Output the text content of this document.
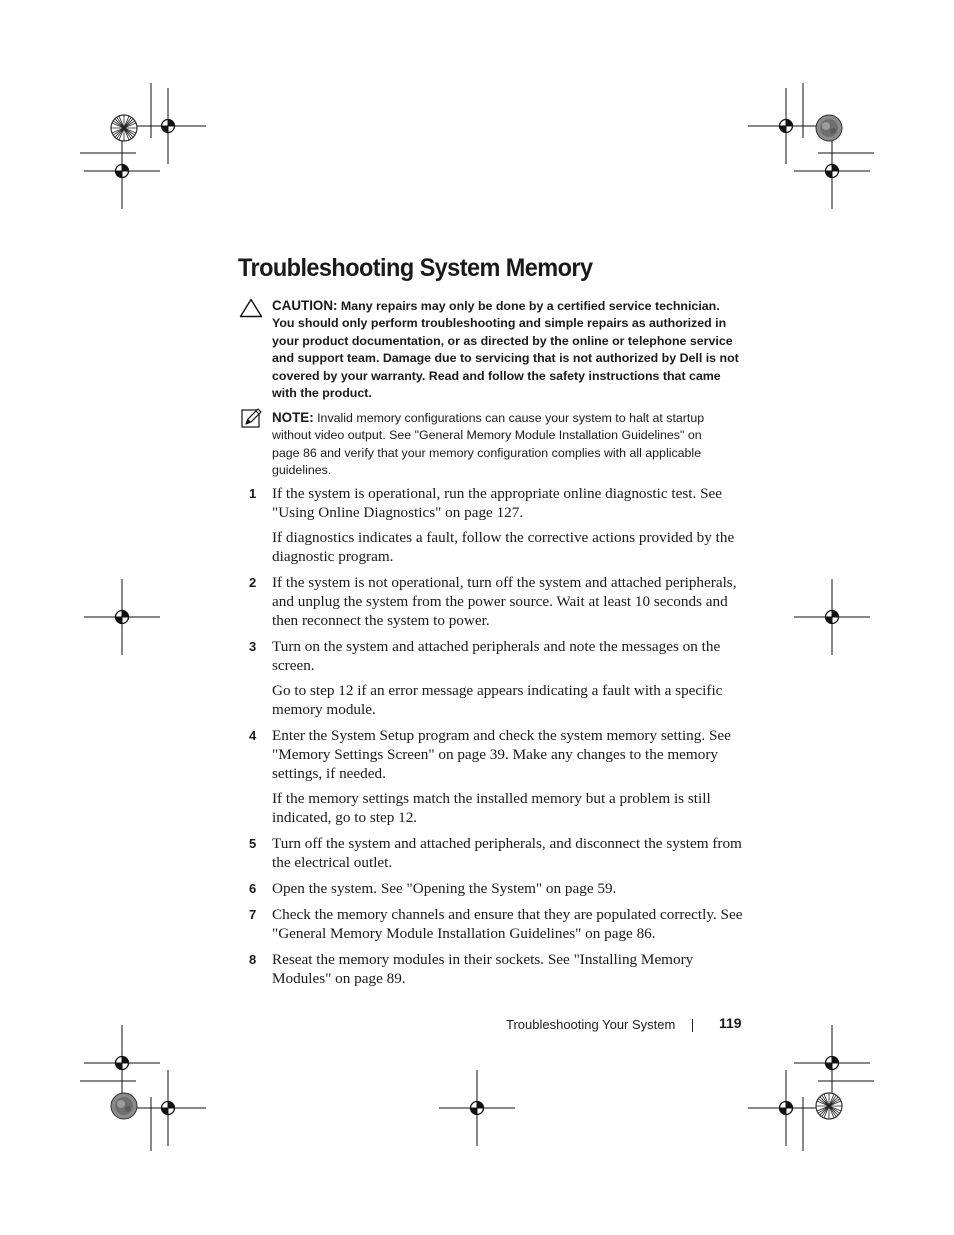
Troubleshooting System Memory
CAUTION: Many repairs may only be done by a certified service technician. You should only perform troubleshooting and simple repairs as authorized in your product documentation, or as directed by the online or telephone service and support team. Damage due to servicing that is not authorized by Dell is not covered by your warranty. Read and follow the safety instructions that came with the product.
NOTE: Invalid memory configurations can cause your system to halt at startup without video output. See "General Memory Module Installation Guidelines" on page 86 and verify that your memory configuration complies with all applicable guidelines.
1 If the system is operational, run the appropriate online diagnostic test. See "Using Online Diagnostics" on page 127.

If diagnostics indicates a fault, follow the corrective actions provided by the diagnostic program.

2 If the system is not operational, turn off the system and attached peripherals, and unplug the system from the power source. Wait at least 10 seconds and then reconnect the system to power.

3 Turn on the system and attached peripherals and note the messages on the screen.

Go to step 12 if an error message appears indicating a fault with a specific memory module.

4 Enter the System Setup program and check the system memory setting. See "Memory Settings Screen" on page 39. Make any changes to the memory settings, if needed.

If the memory settings match the installed memory but a problem is still indicated, go to step 12.

5 Turn off the system and attached peripherals, and disconnect the system from the electrical outlet.

6 Open the system. See "Opening the System" on page 59.

7 Check the memory channels and ensure that they are populated correctly. See "General Memory Module Installation Guidelines" on page 86.

8 Reseat the memory modules in their sockets. See "Installing Memory Modules" on page 89.

Troubleshooting Your System	119
